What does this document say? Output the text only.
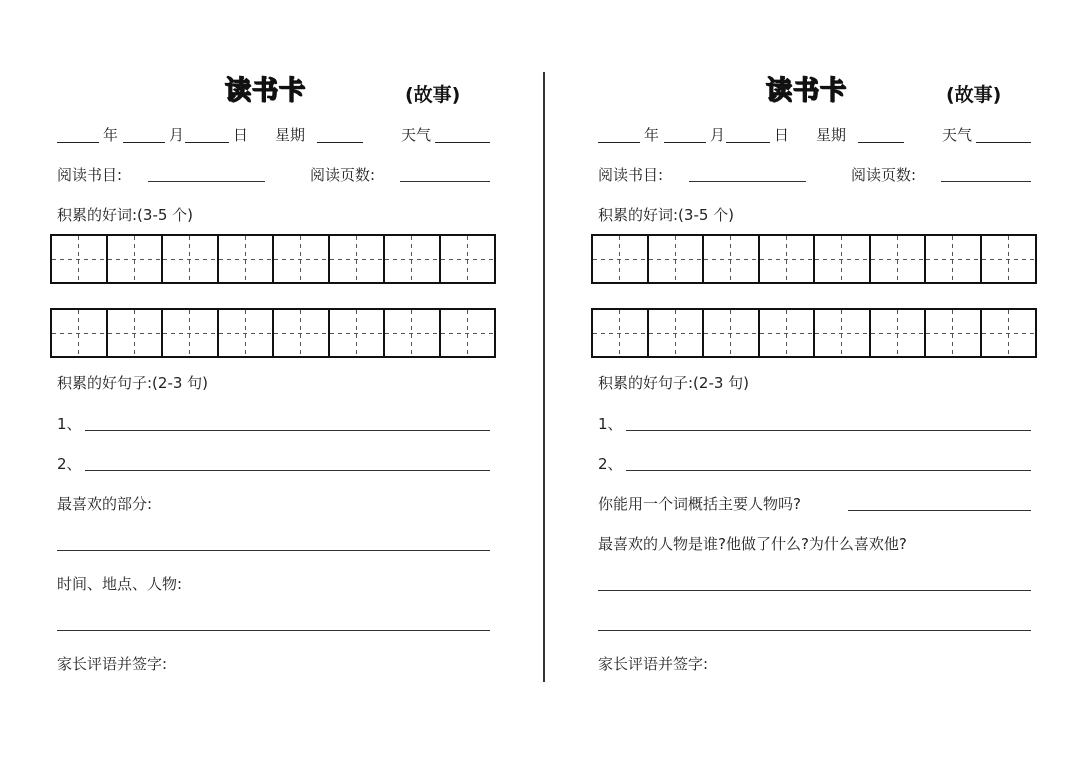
读书卡	(故事)
年	月	日 星期	天气
阅读书目:	阅读页数:
积累的好词:(3-5 个)
积累的好句子:(2-3 句)
1、
2、
最喜欢的部分:
时间、地点、人物:
家长评语并签字:
读书卡	(故事)
年	月	日 星期	天气
阅读书目:	阅读页数:
积累的好词:(3-5 个)
积累的好句子:(2-3 句)
1、
2、
你能用一个词概括主要人物吗?
最喜欢的人物是谁?他做了什么?为什么喜欢他?
家长评语并签字:
